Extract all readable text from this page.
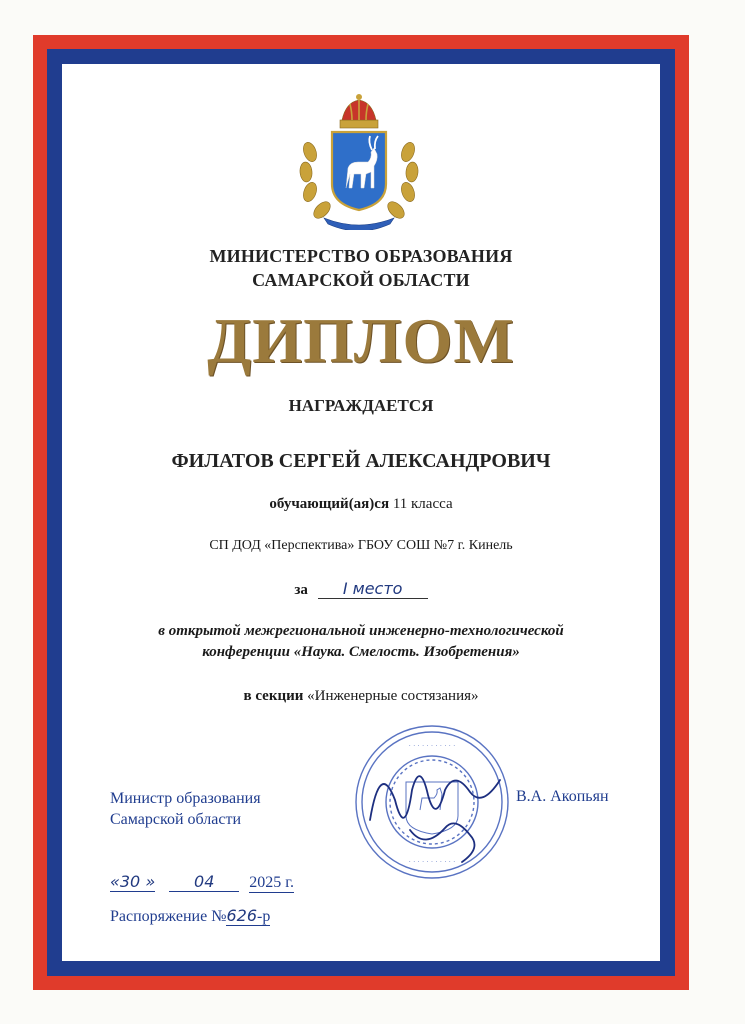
МИНИСТЕРСТВО ОБРАЗОВАНИЯ
САМАРСКОЙ ОБЛАСТИ
ДИПЛОМ
НАГРАЖДАЕТСЯ
ФИЛАТОВ СЕРГЕЙ АЛЕКСАНДРОВИЧ
обучающий(ая)ся 11 класса
СП ДОД «Перспектива» ГБОУ СОШ №7 г. Кинель
за I место
в открытой межрегиональной инженерно-технологической
конференции «Наука. Смелость. Изобретения»
в секции «Инженерные состязания»
· · · · · · · · · · ·
· · · · · · · · · · ·
Министр образования
Самарской области
В.А. Акопьян
«30 » 04 2025 г.
Распоряжение №626-р
